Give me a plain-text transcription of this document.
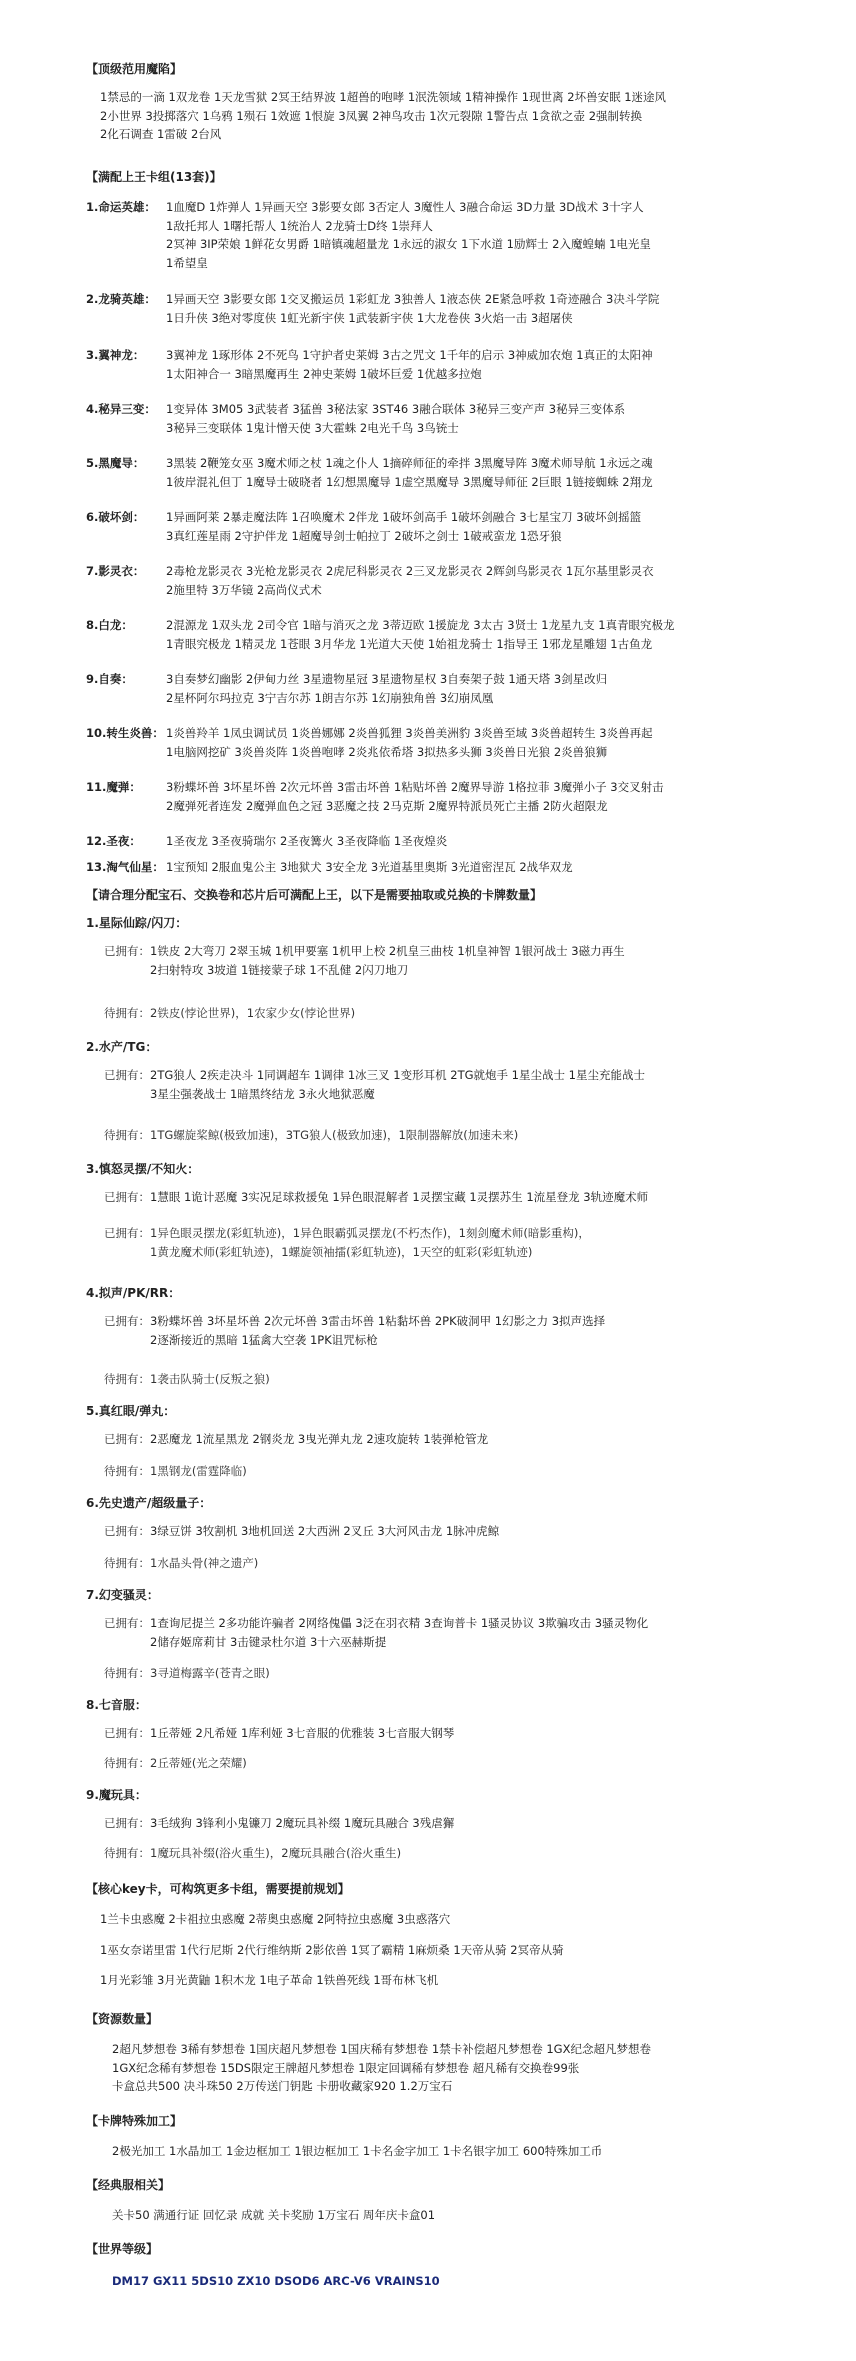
【顶级范用魔陷】
1禁忌的一滴 1双龙卷 1天龙雪狱 2冥王结界波 1超兽的咆哮 1泯洗领域 1精神操作 1现世离 2坏兽安眠 1迷途风
2小世界 3投掷落穴 1乌鸦 1殒石 1效遮 1恨旋 3凤翼 2神鸟攻击 1次元裂隙 1警告点 1贪欲之壶 2强制转换
2化石调查 1雷破 2台风
【满配上王卡组(13套)】
1.命运英雄： 1血魔D 1炸弹人 1异画天空 3影要女郎 3否定人 3魔性人 3融合命运 3D力量 3D战术 3十字人
1敌托邦人 1曙托帮人 1统治人 2龙骑士D终 1崇拜人
2冥神 3IP荣娘 1鲜花女男爵 1暗镇魂超量龙 1永远的淑女 1下水道 1励辉士 2入魔蝗蝻 1电光皇
1希望皇
2.龙骑英雄： 1异画天空 3影要女郎 1交叉搬运员 1彩虹龙 3独善人 1液态侠 2E紧急呼救 1奇迹融合 3决斗学院
1日升侠 3绝对零度侠 1虹光新宇侠 1武装新宇侠 1大龙卷侠 3火焰一击 3超屠侠
3.翼神龙： 3翼神龙 1琢形体 2不死鸟 1守护者史莱姆 3古之咒文 1千年的启示 3神威加农炮 1真正的太阳神
1太阳神合一 3暗黑魔再生 2神史莱姆 1破坏巨爱 1优越多拉炮
4.秘异三变： 1变异体 3M05 3武装者 3猛兽 3秘法家 3ST46 3融合联体 3秘异三变产声 3秘异三变体系
3秘异三变联体 1鬼计憎天使 3大霍蛛 2电光千鸟 3鸟铳士
5.黑魔导： 3黑装 2鞭笼女巫 3魔术师之杖 1魂之仆人 1摘碎师征的牵拌 3黑魔导阵 3魔术师导航 1永远之魂
1彼岸混礼但丁 1魔导士破晓者 1幻想黑魔导 1虚空黑魔导 3黑魔导师征 2巨眼 1链接蜘蛛 2翔龙
6.破坏剑： 1异画阿莱 2暴走魔法阵 1召唤魔术 2伴龙 1破坏剑高手 1破坏剑融合 3七星宝刀 3破坏剑摇篮
3真红莲星雨 2守护伴龙 1超魔导剑士帕拉丁 2破坏之剑士 1破戒蛮龙 1恐牙狼
7.影灵衣： 2毒枪龙影灵衣 3光枪龙影灵衣 2虎尼科影灵衣 2三叉龙影灵衣 2辉剑鸟影灵衣 1瓦尔基里影灵衣
2施里特 3万华镜 2高尚仪式术
8.白龙：	2混源龙 1双头龙 2司令官 1暗与消灭之龙 3蒂迈欧 1援旋龙 3太古 3贤士 1龙星九支 1真青眼究极龙
1青眼究极龙 1精灵龙 1苍眼 3月华龙 1光道大天使 1始祖龙骑士 1指导王 1邪龙星雕翅 1古鱼龙
9.自奏：	3自奏梦幻幽影 2伊甸力丝 3星遗物星冠 3星遗物星权 3自奏架子鼓 1通天塔 3剑星改归
2星杯阿尔玛拉克 3宁吉尔苏 1朗吉尔苏 1幻崩独角兽 3幻崩凤凰
10.转生炎兽： 1炎兽羚羊 1凤虫调试员 1炎兽娜娜 2炎兽狐狸 3炎兽美洲豹 3炎兽至域 3炎兽超转生 3炎兽再起
1电脑网挖矿 3炎兽炎阵 1炎兽咆哮 2炎兆依希塔 3拟热多头狮 3炎兽日光狼 2炎兽狼狮
11.魔弹： 3粉蝶坏兽 3坏星坏兽 2次元坏兽 3雷击坏兽 1粘贴坏兽 2魔界导游 1格拉菲 3魔弹小子 3交叉射击
2魔弹死者连发 2魔弹血色之冠 3恶魔之技 2马克斯 2魔界特派员死亡主播 2防火超限龙
12.圣夜： 1圣夜龙 3圣夜骑瑞尔 2圣夜篝火 3圣夜降临 1圣夜煌炎
13.淘气仙星： 1宝预知 2服血鬼公主 3地狱犬 3安全龙 3光道基里奥斯 3光道密涅瓦 2战华双龙
【请合理分配宝石、交换卷和芯片后可满配上王，以下是需要抽取或兑换的卡牌数量】
1.星际仙踪/闪刀：
已拥有： 1铁皮 2大弯刀 2翠玉城 1机甲要塞 1机甲上校 2机皇三曲枝 1机皇神智 1银河战士 3磁力再生
2扫射特攻 3坡道 1链接蒙子球 1不乱健 2闪刀地刀
待拥有： 2铁皮(悖论世界)，1农家少女(悖论世界)
2.水产/TG：
已拥有： 2TG狼人 2疾走决斗 1同调超车 1调律 1冰三叉 1变形耳机 2TG就炮手 1星尘战士 1星尘充能战士
3星尘强袭战士 1暗黑终结龙 3永火地狱恶魔
待拥有： 1TG螺旋桨鲸(极致加速)，3TG狼人(极致加速)，1限制器解放(加速未来)
3.慎怒灵摆/不知火：
已拥有： 1慧眼 1诡计恶魔 3实况足球救援兔 1异色眼混解者 1灵摆宝藏 1灵摆苏生 1流星登龙 3轨迹魔术师
已拥有： 1异色眼灵摆龙(彩虹轨迹)，1异色眼霸弧灵摆龙(不朽杰作)，1刻剑魔术师(暗影重构)，
1黄龙魔术师(彩虹轨迹)，1螺旋领袖擂(彩虹轨迹)，1天空的虹彩(彩虹轨迹)
4.拟声/PK/RR：
已拥有： 3粉蝶坏兽 3坏星坏兽 2次元坏兽 3雷击坏兽 1粘黏坏兽 2PK破洞甲 1幻影之力 3拟声选择
2逐渐接近的黑暗 1猛禽大空袭 1PK诅咒标枪
待拥有： 1袭击队骑士(反叛之狼)
5.真红眼/弹丸：
已拥有： 2恶魔龙 1流星黑龙 2钢炎龙 3曳光弹丸龙 2速攻旋转 1装弹枪管龙
待拥有： 1黑钢龙(雷霆降临)
6.先史遗产/超级量子：
已拥有： 3绿豆饼 3牧割机 3地机回送 2大西洲 2叉丘 3大河风击龙 1脉冲虎鲸
待拥有： 1水晶头骨(神之遗产)
7.幻变骚灵：
已拥有： 1查询尼提兰 2多功能许骗者 2网络傀儡 3泛在羽衣精 3查询普卡 1骚灵协议 3欺骗攻击 3骚灵物化
2储存姬席莉甘 3击键录杜尔道 3十六巫赫斯提
待拥有： 3寻道梅露辛(苍青之眼)
8.七音服：
已拥有： 1丘蒂娅 2凡希娅 1库利娅 3七音服的优雅装 3七音服大钢琴
待拥有： 2丘蒂娅(光之荣耀)
9.魔玩具：
已拥有： 3毛绒狗 3锋利小鬼镰刀 2魔玩具补缀 1魔玩具融合 3残虐獬
待拥有： 1魔玩具补缀(浴火重生)，2魔玩具融合(浴火重生)
【核心key卡，可构筑更多卡组，需要提前规划】
1兰卡虫惑魔 2卡祖拉虫惑魔 2蒂奥虫惑魔 2阿特拉虫惑魔 3虫惑落穴
1巫女奈诺里雷 1代行尼斯 2代行维纳斯 2影依兽 1冥了霸精 1麻烦桑 1天帝从骑 2冥帝从骑
1月光彩雏 3月光黄鼬 1积木龙 1电子革命 1铁兽死线 1哥布林飞机
【资源数量】
2超凡梦想卷 3稀有梦想卷 1国庆超凡梦想卷 1国庆稀有梦想卷 1禁卡补偿超凡梦想卷 1GX纪念超凡梦想卷
1GX纪念稀有梦想卷 15DS限定王牌超凡梦想卷 1限定回调稀有梦想卷 超凡稀有交换卷99张
卡盒总共500 决斗珠50 2万传送门钥匙 卡册收藏家920 1.2万宝石
【卡牌特殊加工】
2极光加工 1水晶加工 1金边框加工 1银边框加工 1卡名金字加工 1卡名银字加工 600特殊加工币
【经典服相关】
关卡50 满通行证 回忆录 成就 关卡奖励 1万宝石 周年庆卡盒01
【世界等级】
DM17 GX11 5DS10 ZX10 DSOD6 ARC-V6 VRAINS10
